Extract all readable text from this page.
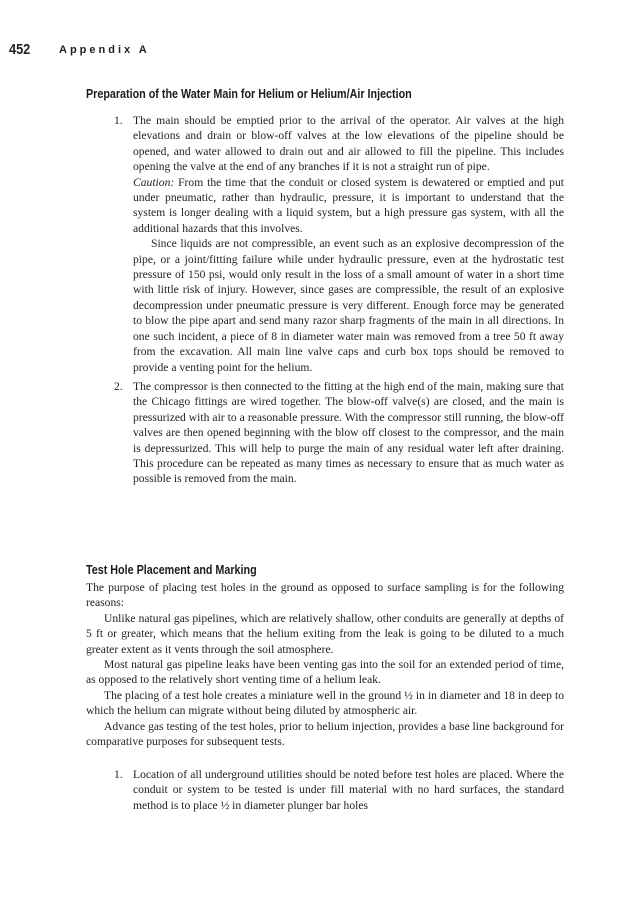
452	Appendix A
Preparation of the Water Main for Helium or Helium/Air Injection
1. The main should be emptied prior to the arrival of the operator. Air valves at the high elevations and drain or blow-off valves at the low elevations of the pipeline should be opened, and water allowed to drain out and air allowed to fill the pipeline. This includes opening the valve at the end of any branches if it is not a straight run of pipe.

Caution: From the time that the conduit or closed system is dewatered or emptied and put under pneumatic, rather than hydraulic, pressure, it is important to understand that the system is longer dealing with a liquid system, but a high pressure gas system, with all the additional hazards that this involves.

Since liquids are not compressible, an event such as an explosive decompression of the pipe, or a joint/fitting failure while under hydraulic pressure, even at the hydrostatic test pressure of 150 psi, would only result in the loss of a small amount of water in a short time with little risk of injury. However, since gases are compressible, the result of an explosive decompression under pneumatic pressure is very different. Enough force may be generated to blow the pipe apart and send many razor sharp fragments of the main in all directions. In one such incident, a piece of 8 in diameter water main was removed from a tree 50 ft away from the excavation. All main line valve caps and curb box tops should be removed to provide a venting point for the helium.

2. The compressor is then connected to the fitting at the high end of the main, making sure that the Chicago fittings are wired together. The blow-off valve(s) are closed, and the main is pressurized with air to a reasonable pressure. With the compressor still running, the blow-off valves are then opened beginning with the blow off closest to the compressor, and the main is depressurized. This will help to purge the main of any residual water left after draining. This procedure can be repeated as many times as necessary to ensure that as much water as possible is removed from the main.

Test Hole Placement and Marking

The purpose of placing test holes in the ground as opposed to surface sampling is for the following reasons:

Unlike natural gas pipelines, which are relatively shallow, other conduits are generally at depths of 5 ft or greater, which means that the helium exiting from the leak is going to be diluted to a much greater extent as it vents through the soil atmosphere.

Most natural gas pipeline leaks have been venting gas into the soil for an extended period of time, as opposed to the relatively short venting time of a helium leak.

The placing of a test hole creates a miniature well in the ground ½ in in diameter and 18 in deep to which the helium can migrate without being diluted by atmospheric air.

Advance gas testing of the test holes, prior to helium injection, provides a base line background for comparative purposes for subsequent tests.

1. Location of all underground utilities should be noted before test holes are placed. Where the conduit or system to be tested is under fill material with no hard surfaces, the standard method is to place ½ in diameter plunger bar holes
